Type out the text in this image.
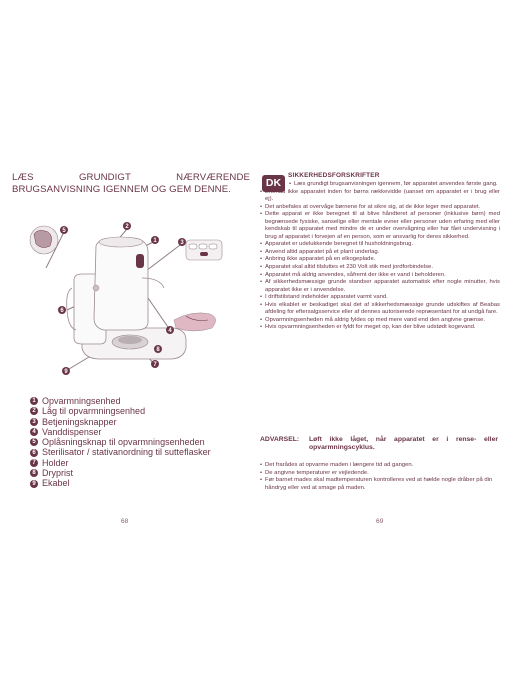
LÆS GRUNDIGT NÆRVÆRENDE BRUGSANVISNING IGENNEM OG GEM DENNE.
5
2
1	3
4
6
8
7
9
1 Opvarmningsenhed
2 Låg til opvarmningsenhed
3 Betjeningsknapper
4 Vanddispenser
5 Oplåsningsknap til opvarmningsenheden
6 Sterilisator / stativanordning til sutteflasker
7 Holder
8 Dryprist
9 Ekabel
68
DK
SIKKERHEDSFORSKRIFTER
• Læs grundigt brugsanvisningen igennem, før apparatet anvendes første gang.
• Efterlad ikke apparatet inden for børns rækkevidde (uanset om apparatet er i brug eller ej).
• Det anbefales at overvåge børnene for at sikre sig, at de ikke leger med apparatet.
• Dette apparat er ikke beregnet til at blive håndteret af personer (inklusive børn) med begrænsede fysiske, sanselige eller mentale evner eller personer uden erfaring med eller kendskab til apparatet med mindre de er under overvågning eller har fået undervisning i brug af apparatet i forvejen af en person, som er ansvarlig for deres sikkerhed.
• Apparatet er udelukkende beregnet til husholdningsbrug.
• Anvend altid apparatet på et plant underlag.
• Anbring ikke apparatet på en elkogeplade.
• Apparatet skal altid tilsluttes et 230 Volt stik med jordforbindelse.
• Apparatet må aldrig anvendes, såfremt der ikke er vand i beholderen.
• Af sikkerhedsmæssige grunde standser apparatet automatisk efter nogle minutter, hvis apparatet ikke er i anvendelse.
• I driftstilstand indeholder apparatet varmt vand.
• Hvis elkablet er beskadiget skal det af sikkerhedsmæssige grunde udskiftes af Beabas afdeling for eftersalgsservice eller af dennes autoriserede repræsentant for at undgå fare.
• Opvarmningsenheden må aldrig fyldes op med mere vand end den angivne grænse.
• Hvis opvarmningsenheden er fyldt for meget op, kan der blive udstødt kogevand.
ADVARSEL: Løft ikke låget, når apparatet er i rense- eller opvarmningscyklus.
• Det frarådes at opvarme maden i længere tid ad gangen.
• De angivne temperaturer er vejledende.
• Før barnet mades skal madtemperaturen kontrolleres ved at hælde nogle dråber på din håndryg eller ved at smage på maden.
69
